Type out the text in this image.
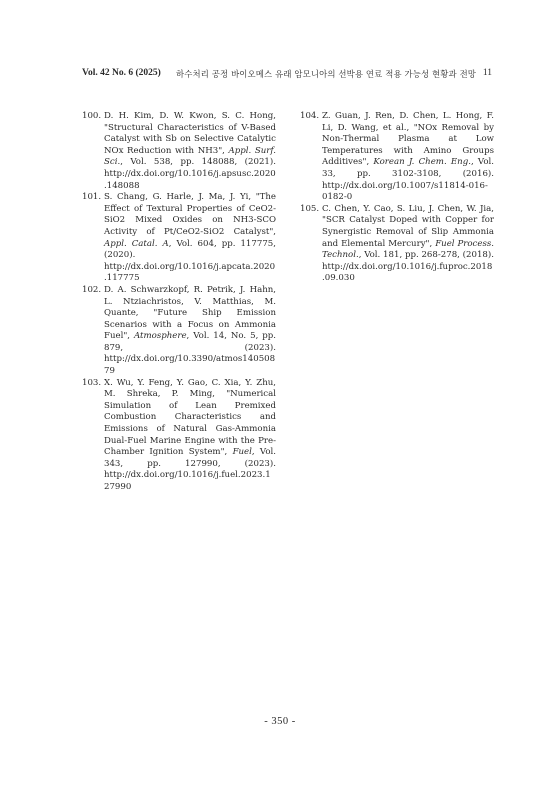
Vol. 42 No. 6 (2025) 하수처리 공정 바이오메스 유래 암모니아의 선박용 연료 적용 가능성 현황과 전망 11
100. D. H. Kim, D. W. Kwon, S. C. Hong, "Structural Characteristics of V-Based Catalyst with Sb on Selective Catalytic NOx Reduction with NH3", Appl. Surf. Sci., Vol. 538, pp. 148088, (2021). http://dx.doi.org/10.1016/j.apsusc.2020.148088
101. S. Chang, G. Harle, J. Ma, J. Yi, "The Effect of Textural Properties of CeO2-SiO2 Mixed Oxides on NH3-SCO Activity of Pt/CeO2-SiO2 Catalyst", Appl. Catal. A, Vol. 604, pp. 117775, (2020). http://dx.doi.org/10.1016/j.apcata.2020.117775
102. D. A. Schwarzkopf, R. Petrik, J. Hahn, L. Ntziachristos, V. Matthias, M. Quante, "Future Ship Emission Scenarios with a Focus on Ammonia Fuel", Atmosphere, Vol. 14, No. 5, pp. 879, (2023). http://dx.doi.org/10.3390/atmos14050879
103. X. Wu, Y. Feng, Y. Gao, C. Xia, Y. Zhu, M. Shreka, P. Ming, "Numerical Simulation of Lean Premixed Combustion Characteristics and Emissions of Natural Gas-Ammonia Dual-Fuel Marine Engine with the Pre-Chamber Ignition System", Fuel, Vol. 343, pp. 127990, (2023). http://dx.doi.org/10.1016/j.fuel.2023.127990
104. Z. Guan, J. Ren, D. Chen, L. Hong, F. Li, D. Wang, et al., "NOx Removal by Non-Thermal Plasma at Low Temperatures with Amino Groups Additives", Korean J. Chem. Eng., Vol. 33, pp. 3102-3108, (2016). http://dx.doi.org/10.1007/s11814-016-0182-0
105. C. Chen, Y. Cao, S. Liu, J. Chen, W. Jia, "SCR Catalyst Doped with Copper for Synergistic Removal of Slip Ammonia and Elemental Mercury", Fuel Process. Technol., Vol. 181, pp. 268-278, (2018). http://dx.doi.org/10.1016/j.fuproc.2018.09.030
- 350 -
